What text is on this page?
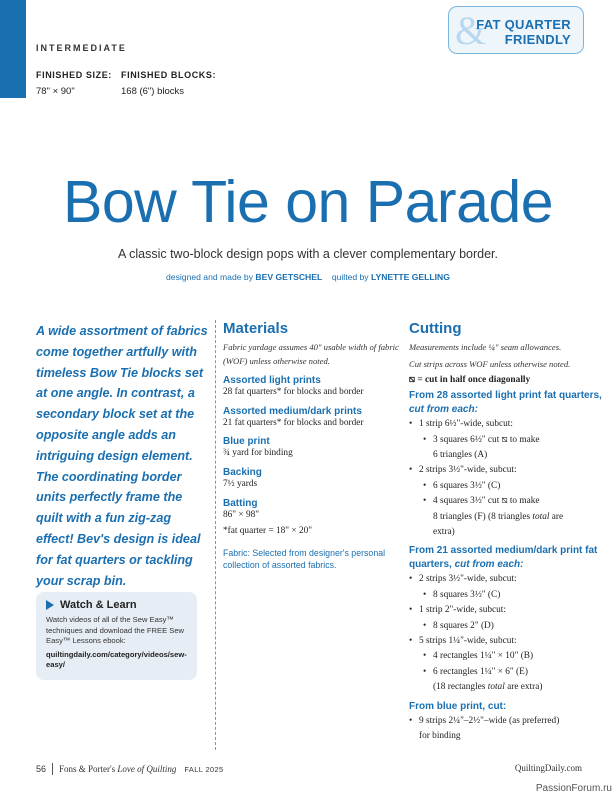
&
FAT QUARTER
FRIENDLY
INTERMEDIATE
FINISHED SIZE:
78" × 90"
FINISHED BLOCKS:
168 (6") blocks
Bow Tie on Parade
A classic two-block design pops with a clever complementary border.
designed and made by BEV GETSCHEL quilted by LYNETTE GELLING
A wide assortment of fabrics come together artfully with timeless Bow Tie blocks set at one angle. In contrast, a secondary block set at the opposite angle adds an intriguing design element. The coordinating border units perfectly frame the quilt with a fun zig-zag effect! Bev's design is ideal for fat quarters or tackling your scrap bin.
Watch & Learn
Watch videos of all of the Sew Easy™ techniques and download the FREE Sew Easy™ Lessons ebook:
quiltingdaily.com/category/videos/sew-easy/
Materials
Fabric yardage assumes 40" usable width of fabric (WOF) unless otherwise noted.
Assorted light prints
28 fat quarters* for blocks and border
Assorted medium/dark prints
21 fat quarters* for blocks and border
Blue print
¾ yard for binding
Backing
7½ yards
Batting
86" × 98"
*fat quarter = 18" × 20"
Fabric: Selected from designer's personal collection of assorted fabrics.
Cutting
Measurements include ¼" seam allowances.
Cut strips across WOF unless otherwise noted.
⧅ = cut in half once diagonally
From 28 assorted light print fat quarters, cut from each:
• 1 strip 6½"-wide, subcut:
• 3 squares 6½" cut ⧅ to make
6 triangles (A)
• 2 strips 3½"-wide, subcut:
• 6 squares 3½" (C)
• 4 squares 3½" cut ⧅ to make
8 triangles (F) (8 triangles total are
extra)
From 21 assorted medium/dark print fat quarters, cut from each:
• 2 strips 3½"-wide, subcut:
• 8 squares 3½" (C)
• 1 strip 2"-wide, subcut:
• 8 squares 2" (D)
• 5 strips 1¼"-wide, subcut:
• 4 rectangles 1¼" × 10" (B)
• 6 rectangles 1¼" × 6" (E)
(18 rectangles total are extra)
From blue print, cut:
• 9 strips 2¼"–2½"–wide (as preferred)
for binding
56 Fons & Porter's Love of Quilting FALL 2025	QuiltingDaily.com
PassionForum.ru
